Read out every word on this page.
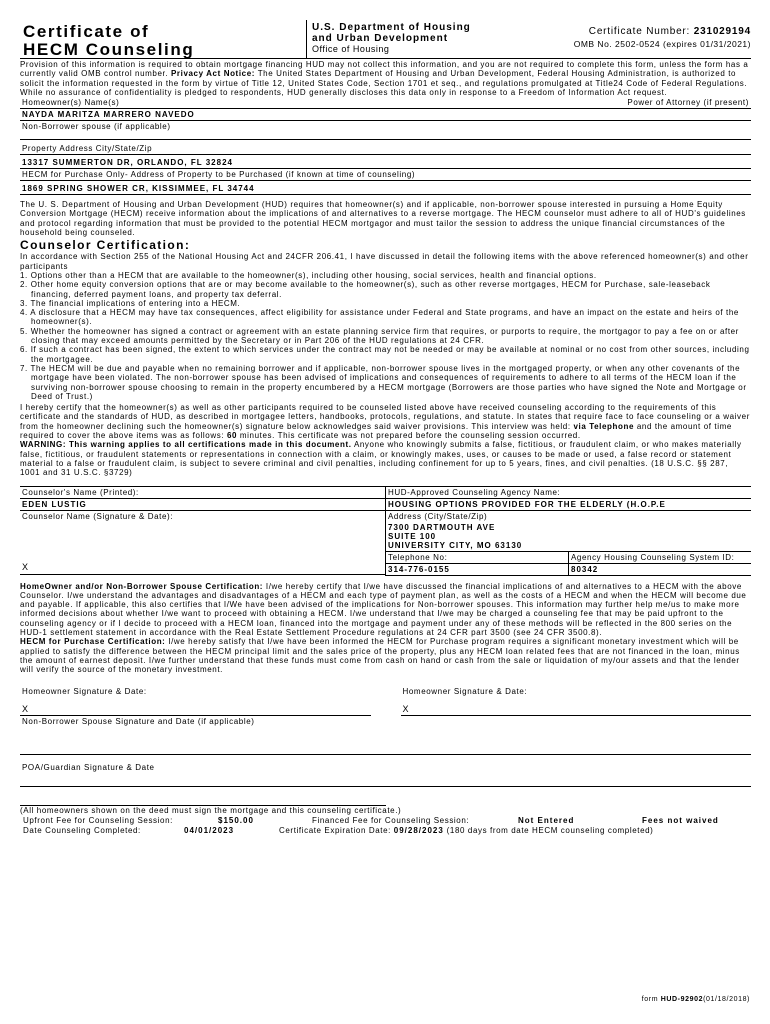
Certificate of
HECM Counseling
U.S. Department of Housing
and Urban Development
Office of Housing
Certificate Number: 231029194
OMB No. 2502-0524 (expires 01/31/2021)

Provision of this information is required to obtain mortgage financing HUD may not collect this information, and you are not required to complete this form, unless the form has a currently valid OMB control number. Privacy Act Notice: The United States Department of Housing and Urban Development, Federal Housing Administration, is authorized to solicit the information requested in the form by virtue of Title 12, United States Code, Section 1701 et seq., and regulations promulgated at Title24 Code of Federal Regulations. While no assurance of confidentiality is pledged to respondents, HUD generally discloses this data only in response to a Freedom of Information Act request.

Homeowner(s) Name(s)	Power of Attorney (if present)
NAYDA MARITZA MARRERO NAVEDO
Non-Borrower spouse (if applicable)
Property Address City/State/Zip
13317 SUMMERTON DR, ORLANDO, FL 32824
HECM for Purchase Only- Address of Property to be Purchased (if known at time of counseling)
1869 SPRING SHOWER CR, KISSIMMEE, FL 34744

The U. S. Department of Housing and Urban Development (HUD) requires that homeowner(s) and if applicable, non-borrower spouse interested in pursuing a Home Equity Conversion Mortgage (HECM) receive information about the implications of and alternatives to a reverse mortgage. The HECM counselor must adhere to all of HUD's guidelines and protocol regarding information that must be provided to the potential HECM mortgagor and must tailor the session to address the unique financial circumstances of the household being counseled.

Counselor Certification:

In accordance with Section 255 of the National Housing Act and 24CFR 206.41, I have discussed in detail the following items with the above referenced homeowner(s) and other participants

1. Options other than a HECM that are available to the homeowner(s), including other housing, social services, health and financial options.
2. Other home equity conversion options that are or may become available to the homeowner(s), such as other reverse mortgages, HECM for Purchase, sale-leaseback financing, deferred payment loans, and property tax deferral.
3. The financial implications of entering into a HECM.
4. A disclosure that a HECM may have tax consequences, affect eligibility for assistance under Federal and State programs, and have an impact on the estate and heirs of the homeowner(s).
5. Whether the homeowner has signed a contract or agreement with an estate planning service firm that requires, or purports to require, the mortgagor to pay a fee on or after closing that may exceed amounts permitted by the Secretary or in Part 206 of the HUD regulations at 24 CFR.
6. If such a contract has been signed, the extent to which services under the contract may not be needed or may be available at nominal or no cost from other sources, including the mortgagee.
7. The HECM will be due and payable when no remaining borrower and if applicable, non-borrower spouse lives in the mortgaged property, or when any other covenants of the mortgage have been violated. The non-borrower spouse has been advised of implications and consequences of requirements to adhere to all terms of the HECM loan if the surviving non-borrower spouse choosing to remain in the property encumbered by a HECM mortgage (Borrowers are those parties who have signed the Note and Mortgage or Deed of Trust.)

I hereby certify that the homeowner(s) as well as other participants required to be counseled listed above have received counseling according to the requirements of this certificate and the standards of HUD, as described in mortgagee letters, handbooks, protocols, regulations, and statute. In states that require face to face counseling or a waiver from the homeowner declining such the homeowner(s) signature below acknowledges said waiver provisions. This interview was held: via Telephone and the amount of time required to cover the above items was as follows: 60 minutes. This certificate was not prepared before the counseling session occurred.
WARNING: This warning applies to all certifications made in this document. Anyone who knowingly submits a false, fictitious, or fraudulent claim, or who makes materially false, fictitious, or fraudulent statements or representations in connection with a claim, or knowingly makes, uses, or causes to be made or used, a false record or statement material to a false or fraudulent claim, is subject to severe criminal and civil penalties, including confinement for up to 5 years, fines, and civil penalties. (18 U.S.C. §§ 287, 1001 and 31 U.S.C. §3729)

Counselor's Name (Printed):
EDEN LUSTIG
Counselor Name (Signature & Date):
X
HUD-Approved Counseling Agency Name:
HOUSING OPTIONS PROVIDED FOR THE ELDERLY (H.O.P.E
Address (City/State/Zip)
7300 DARTMOUTH AVE
SUITE 100
UNIVERSITY CITY, MO 63130
Telephone No:
314-776-0155
Agency Housing Counseling System ID:
80342

HomeOwner and/or Non-Borrower Spouse Certification: I/we hereby certify that I/we have discussed the financial implications of and alternatives to a HECM with the above Counselor. I/we understand the advantages and disadvantages of a HECM and each type of payment plan, as well as the costs of a HECM and when the HECM will become due and payable. If applicable, this also certifies that I/We have been advised of the implications for Non-borrower spouses. This information may further help me/us to make more informed decisions about whether I/we want to proceed with obtaining a HECM. I/we understand that I/we may be charged a counseling fee that may be paid upfront to the counseling agency or if I decide to proceed with a HECM loan, financed into the mortgage and payment under any of these methods will be reflected in the 800 series on the HUD-1 settlement statement in accordance with the Real Estate Settlement Procedure regulations at 24 CFR part 3500 (see 24 CFR 3500.8).
HECM for Purchase Certification: I/we hereby satisfy that I/we have been informed the HECM for Purchase program requires a significant monetary investment which will be applied to satisfy the difference between the HECM principal limit and the sales price of the property, plus any HECM loan related fees that are not financed in the loan, minus the amount of earnest deposit. I/we further understand that these funds must come from cash on hand or cash from the sale or liquidation of my/our assets and that the lender will verify the source of the monetary investment.

Homeowner Signature & Date:
X
Homeowner Signature & Date:
X
Non-Borrower Spouse Signature and Date (if applicable)
POA/Guardian Signature & Date
(All homeowners shown on the deed must sign the mortgage and this counseling certificate.)
Upfront Fee for Counseling Session:	$150.00	Financed Fee for Counseling Session:	Not Entered	Fees not waived
Date Counseling Completed:	04/01/2023	Certificate Expiration Date: 09/28/2023 (180 days from date HECM counseling completed)
form HUD-92902(01/18/2018)
